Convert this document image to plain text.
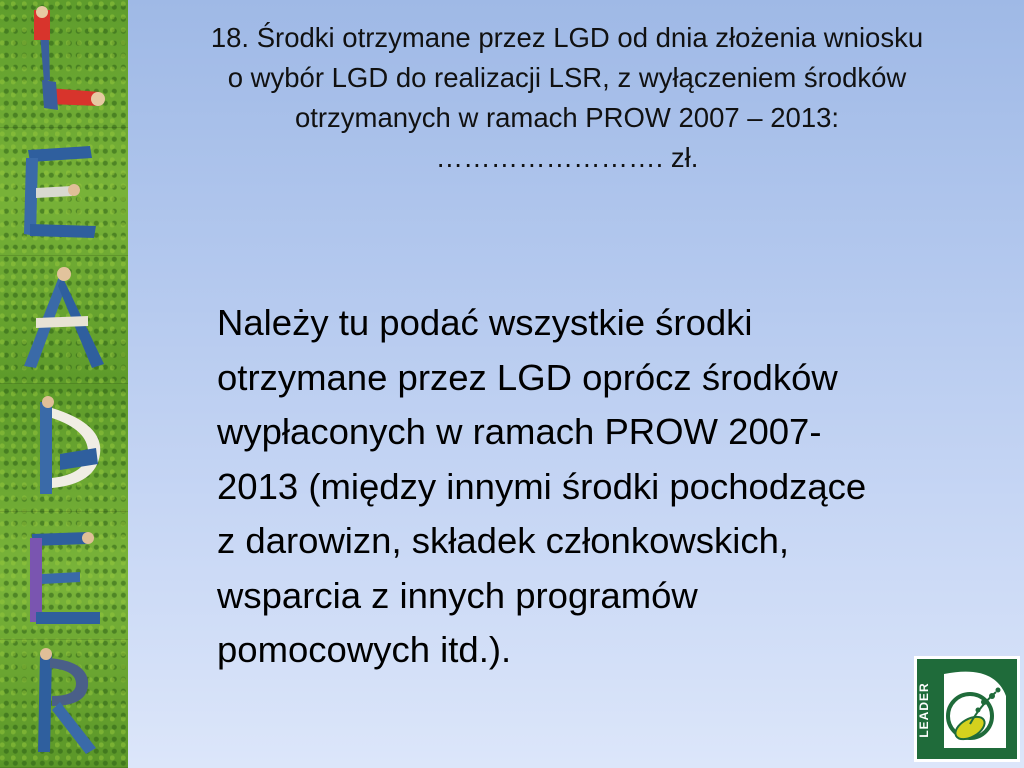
18. Środki otrzymane przez LGD od dnia złożenia wniosku
o wybór LGD do realizacji LSR, z wyłączeniem środków
otrzymanych w ramach PROW 2007 – 2013:
……………………. zł.
Należy tu podać wszystkie środki
otrzymane przez LGD oprócz środków
wypłaconych w ramach PROW 2007-
2013 (między innymi środki pochodzące
z darowizn, składek członkowskich,
wsparcia z innych programów
pomocowych itd.).
LEADER
